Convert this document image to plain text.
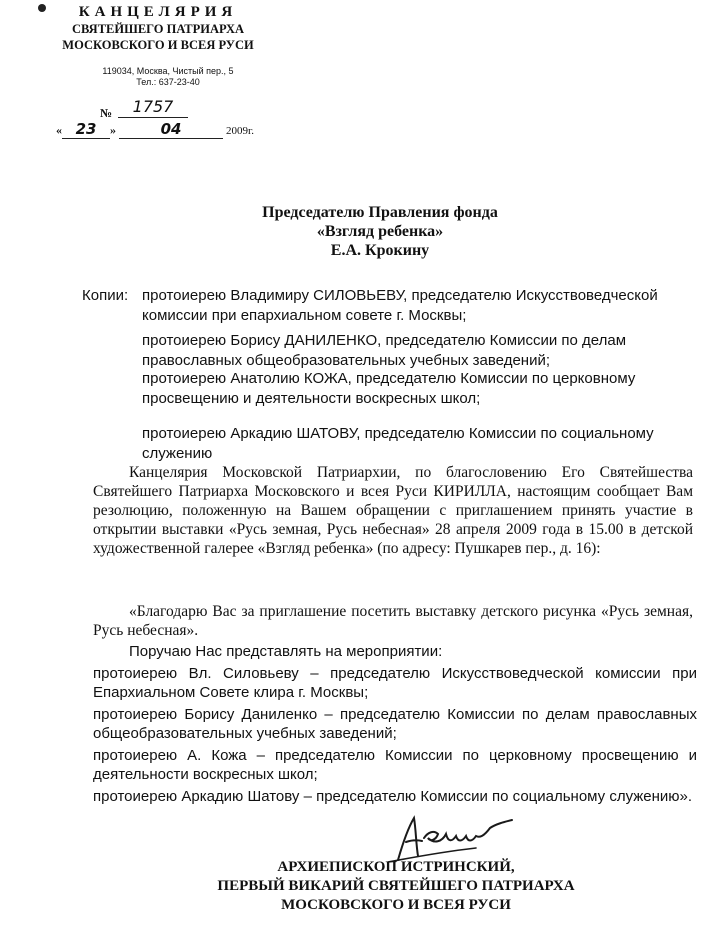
КАНЦЕЛЯРИЯ
СВЯТЕЙШЕГО ПАТРИАРХА
МОСКОВСКОГО И ВСЕЯ РУСИ
119034, Москва, Чистый пер., 5
Тел.: 637-23-40
№	1757
« 23 »	04	2009г.
Председателю Правления фонда
«Взгляд ребенка»
Е.А. Крокину
Копии: протоиерею Владимиру СИЛОВЬЕВУ, председателю Искусствоведческой комиссии при епархиальном совете г. Москвы;
протоиерею Борису ДАНИЛЕНКО, председателю Комиссии по делам православных общеобразовательных учебных заведений;
протоиерею Анатолию КОЖА, председателю Комиссии по церковному просвещению и деятельности воскресных школ;
протоиерею Аркадию ШАТОВУ, председателю Комиссии по социальному служению

Канцелярия Московской Патриархии, по благословению Его Святейшества Святейшего Патриарха Московского и всея Руси КИРИЛЛА, настоящим сообщает Вам резолюцию, положенную на Вашем обращении с приглашением принять участие в открытии выставки «Русь земная, Русь небесная» 28 апреля 2009 года в 15.00 в детской художественной галерее «Взгляд ребенка» (по адресу: Пушкарев пер., д. 16):

«Благодарю Вас за приглашение посетить выставку детского рисунка «Русь земная, Русь небесная».

Поручаю Нас представлять на мероприятии:
протоиерею Вл. Силовьеву – председателю Искусствоведческой комиссии при Епархиальном Совете клира г. Москвы;
протоиерею Борису Даниленко – председателю Комиссии по делам православных общеобразовательных учебных заведений;
протоиерею А. Кожа – председателю Комиссии по церковному просвещению и деятельности воскресных школ;
протоиерею Аркадию Шатову – председателю Комиссии по социальному служению».
АРХИЕПИСКОП ИСТРИНСКИЙ,
ПЕРВЫЙ ВИКАРИЙ СВЯТЕЙШЕГО ПАТРИАРХА
МОСКОВСКОГО И ВСЕЯ РУСИ
